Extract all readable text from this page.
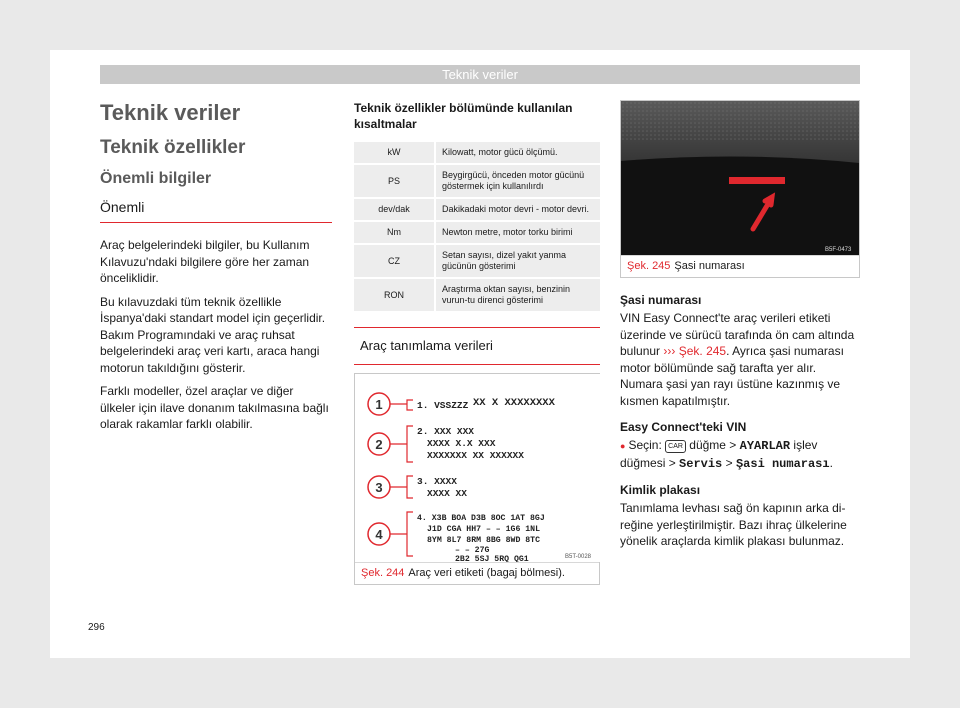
Teknik veriler
Teknik veriler
Teknik özellikler
Önemli bilgiler
Önemli

Araç belgelerindeki bilgiler, bu Kullanım Kılavuzu'ndaki bilgilere göre her zaman önceliklidir.

Bu kılavuzdaki tüm teknik özellikle İspanya'daki standart model için geçerlidir. Bakım Programındaki ve araç ruhsat belgelerindeki araç veri kartı, araca hangi motorun takıldığını gösterir.

Farklı modeller, özel araçlar ve diğer ülkeler için ilave donanım takılmasına bağlı olarak rakamlar farklı olabilir.

Teknik özellikler bölümünde kullanılan kısaltmalar
kW	Kilowatt, motor gücü ölçümü.
PS	Beygirgücü, önceden motor gücünü göstermek için kullanılırdı
dev/dak	Dakikadaki motor devri - motor devri.
Nm	Newton metre, motor torku birimi
CZ	Setan sayısı, dizel yakıt yanma gücünün gösterimi
RON	Araştırma oktan sayısı, benzinin vurun-tu direnci gösterimi
Araç tanımlama verileri
1
2
3
4
1. VSSZZZ XX X XXXXXXXX
2. XXX XXX
XXXX X.X XXX
XXXXXXX XX XXXXXX
3. XXXX
XXXX XX
4. X3B BOA D3B 8OC 1AT 8GJ
J1D CGA HH7 – – 1G6 1NL
8YM 8L7 8RM 8BG 8WD 8TC
– – 27G
2B2 5SJ 5RQ QG1	B5T-0028
Şek. 244 Araç veri etiketi (bagaj bölmesi).
B5F-0473
Şek. 245 Şasi numarası
Şasi numarası

VIN Easy Connect'te araç verileri etiketi üzerinde ve sürücü tarafında ön cam altında bulunur ››› Şek. 245. Ayrıca şasi numarası motor bölümünde sağ tarafta yer alır. Numara şasi yan rayı üstüne kazınmış ve kısmen kapatılmıştır.

Easy Connect'teki VIN

● Seçin: CAR düğme > AYARLAR işlev düğmesi > Servis > Şasi numarası.

Kimlik plakası

Tanımlama levhası sağ ön kapının arka di-reğine yerleştirilmiştir. Bazı ihraç ülkelerine yönelik araçlarda kimlik plakası bulunmaz.

296
